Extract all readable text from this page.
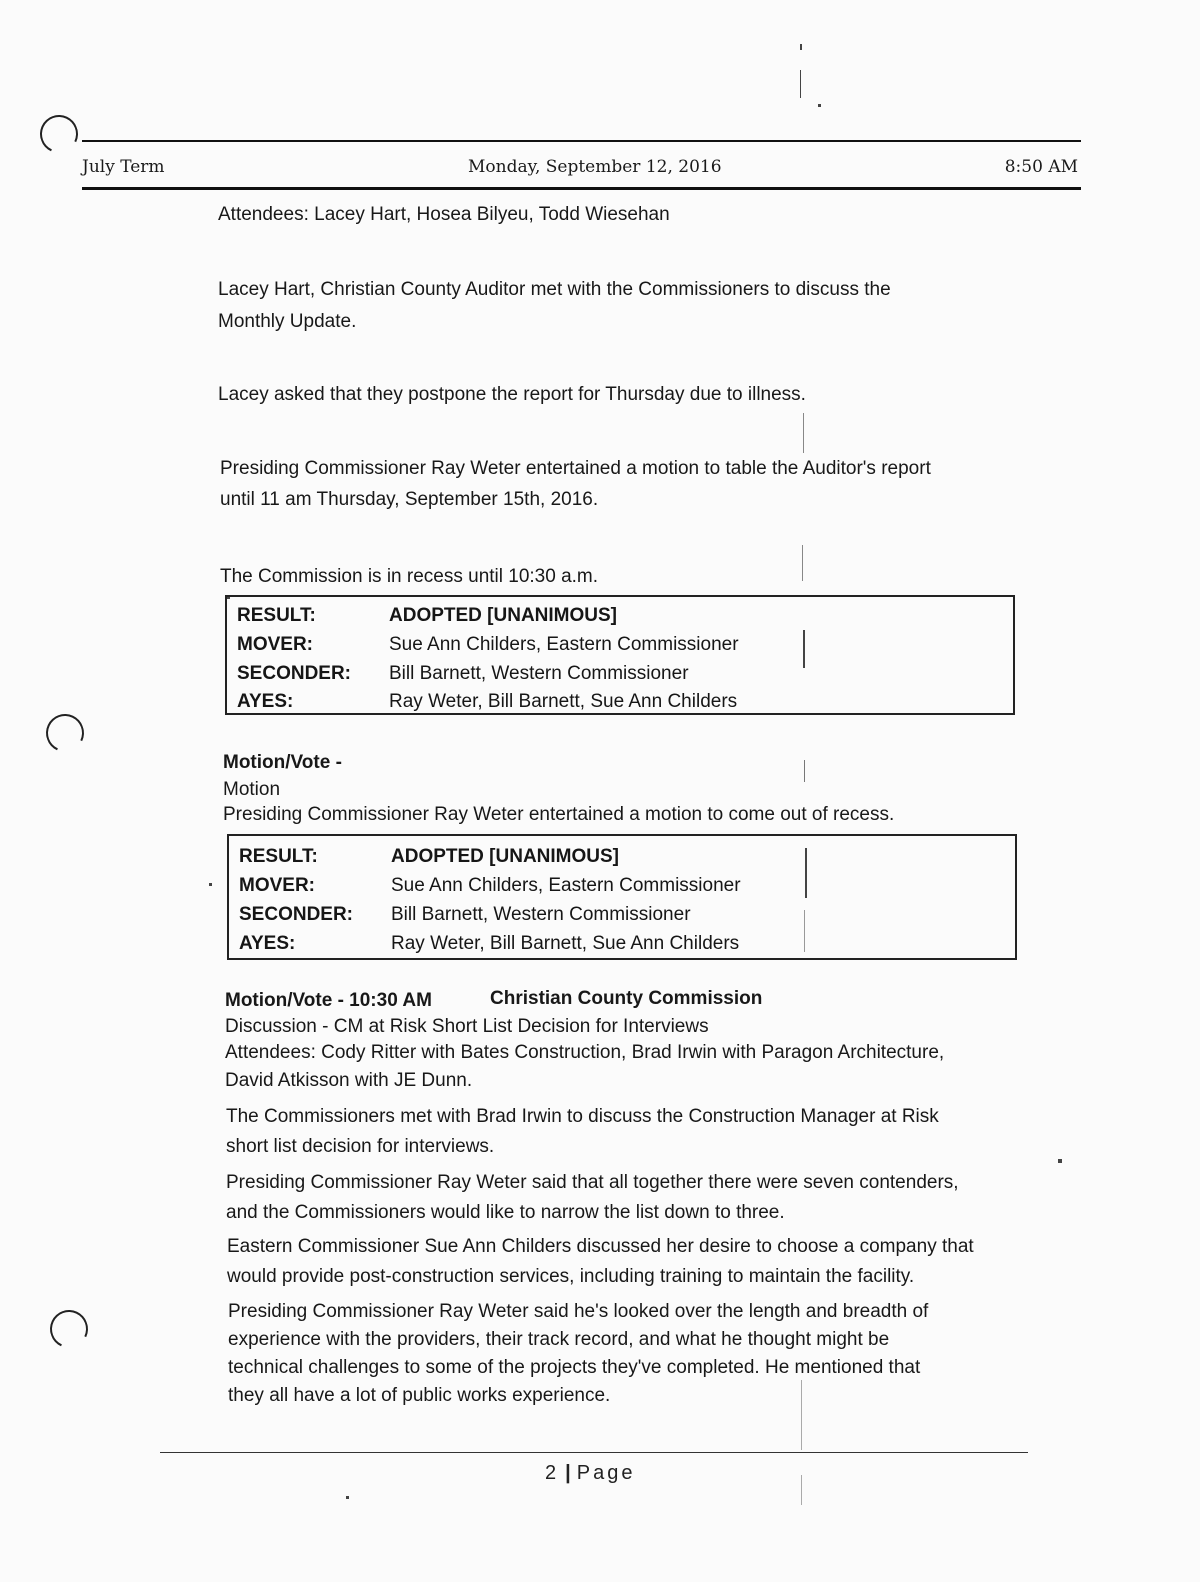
July Term	Monday, September 12, 2016	8:50 AM
Attendees: Lacey Hart, Hosea Bilyeu, Todd Wiesehan
Lacey Hart, Christian County Auditor met with the Commissioners to discuss the
Monthly Update.
Lacey asked that they postpone the report for Thursday due to illness.
Presiding Commissioner Ray Weter entertained a motion to table the Auditor's report
until 11 am Thursday, September 15th, 2016.
The Commission is in recess until 10:30 a.m.
RESULT:	ADOPTED [UNANIMOUS]
MOVER:	Sue Ann Childers, Eastern Commissioner
SECONDER: Bill Barnett, Western Commissioner
AYES:	Ray Weter, Bill Barnett, Sue Ann Childers
Motion/Vote -
Motion
Presiding Commissioner Ray Weter entertained a motion to come out of recess.
RESULT:	ADOPTED [UNANIMOUS]
MOVER:	Sue Ann Childers, Eastern Commissioner
SECONDER: Bill Barnett, Western Commissioner
AYES:	Ray Weter, Bill Barnett, Sue Ann Childers
Motion/Vote - 10:30 AM	Christian County Commission
Discussion - CM at Risk Short List Decision for Interviews
Attendees: Cody Ritter with Bates Construction, Brad Irwin with Paragon Architecture,
David Atkisson with JE Dunn.
The Commissioners met with Brad Irwin to discuss the Construction Manager at Risk
short list decision for interviews.
Presiding Commissioner Ray Weter said that all together there were seven contenders,
and the Commissioners would like to narrow the list down to three.
Eastern Commissioner Sue Ann Childers discussed her desire to choose a company that
would provide post-construction services, including training to maintain the facility.
Presiding Commissioner Ray Weter said he's looked over the length and breadth of
experience with the providers, their track record, and what he thought might be
technical challenges to some of the projects they've completed. He mentioned that
they all have a lot of public works experience.
2 | Page
